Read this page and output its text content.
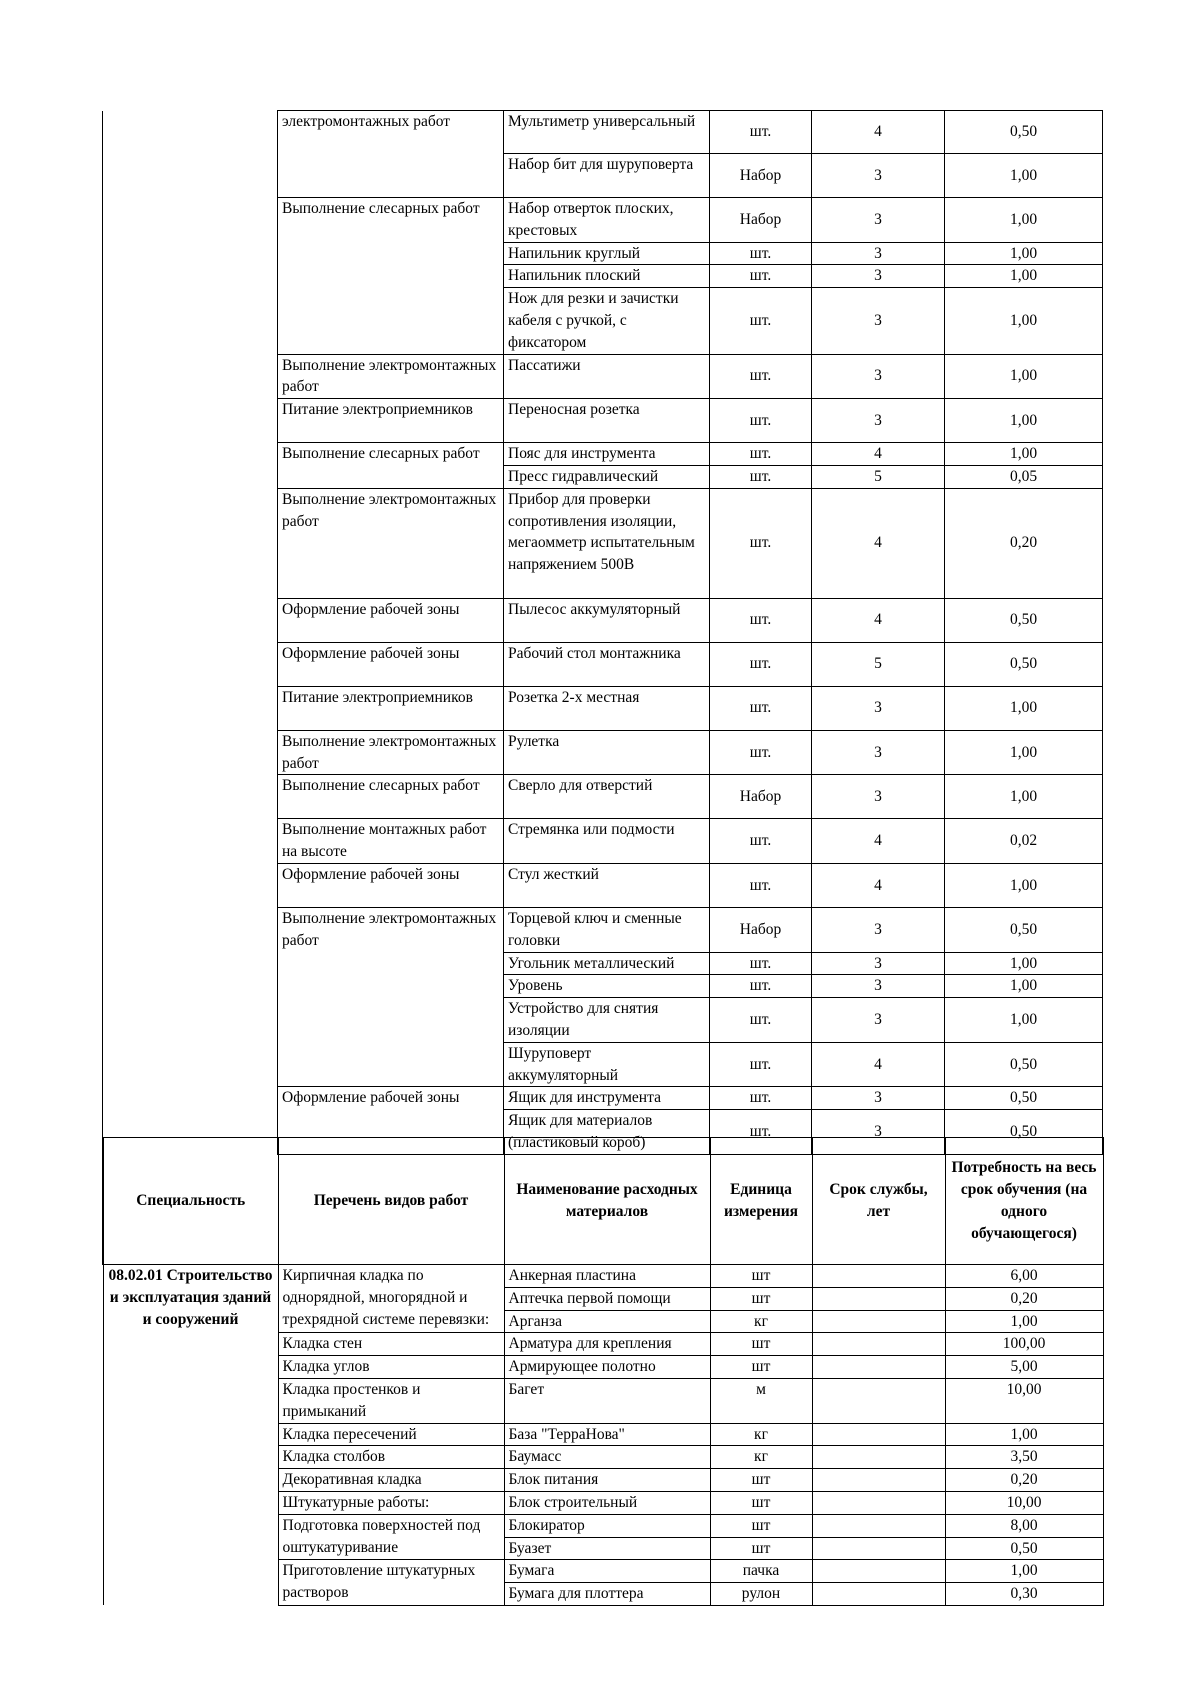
	электромонтажных работ	Мультиметр универсальный	шт.	4	0,50
		Набор бит для шуруповерта	Набор	3	1,00
	Выполнение слесарных работ	Набор отверток плоских, крестовых	Набор	3	1,00
		Напильник круглый	шт.	3	1,00
		Напильник плоский	шт.	3	1,00
		Нож для резки и зачистки кабеля с ручкой, с фиксатором	шт.	3	1,00
	Выполнение электромонтажных работ	Пассатижи	шт.	3	1,00
	Питание электроприемников	Переносная розетка	шт.	3	1,00
	Выполнение слесарных работ	Пояс для инструмента	шт.	4	1,00
		Пресс гидравлический	шт.	5	0,05
	Выполнение электромонтажных работ	Прибор для проверки сопротивления изоляции, мегаомметр испытательным напряжением 500В	шт.	4	0,20
	Оформление рабочей зоны	Пылесос аккумуляторный	шт.	4	0,50
	Оформление рабочей зоны	Рабочий стол монтажника	шт.	5	0,50
	Питание электроприемников	Розетка 2-х местная	шт.	3	1,00
	Выполнение электромонтажных работ	Рулетка	шт.	3	1,00
	Выполнение слесарных работ	Сверло для отверстий	Набор	3	1,00
	Выполнение монтажных работ на высоте	Стремянка или подмости	шт.	4	0,02
	Оформление рабочей зоны	Стул жесткий	шт.	4	1,00
	Выполнение электромонтажных работ	Торцевой ключ и сменные головки	Набор	3	0,50
		Угольник металлический	шт.	3	1,00
		Уровень	шт.	3	1,00
		Устройство для снятия изоляции	шт.	3	1,00
		Шуруповерт аккумуляторный	шт.	4	0,50
	Оформление рабочей зоны	Ящик для инструмента	шт.	3	0,50
		Ящик для материалов (пластиковый короб)	шт.	3	0,50
Специальность	Перечень видов работ	Наименование расходных материалов	Единица измерения	Срок службы, лет	Потребность на весь срок обучения (на одного обучающегося)
08.02.01 Строительство и эксплуатация зданий и сооружений	Кирпичная кладка по однорядной, многорядной и трехрядной системе перевязки:	Анкерная пластина	шт		6,00
		Аптечка первой помощи	шт		0,20
		Арганза	кг		1,00
	Кладка стен	Арматура для крепления	шт		100,00
	Кладка углов	Армирующее полотно	шт		5,00
	Кладка простенков и примыканий	Багет	м		10,00
	Кладка пересечений	База "ТерраНова"	кг		1,00
	Кладка столбов	Баумасс	кг		3,50
	Декоративная кладка	Блок питания	шт		0,20
	Штукатурные работы:	Блок строительный	шт		10,00
	Подготовка поверхностей под оштукатуривание	Блокиратор	шт		8,00
		Буазет	шт		0,50
	Приготовление штукатурных растворов	Бумага	пачка		1,00
		Бумага для плоттера	рулон		0,30
